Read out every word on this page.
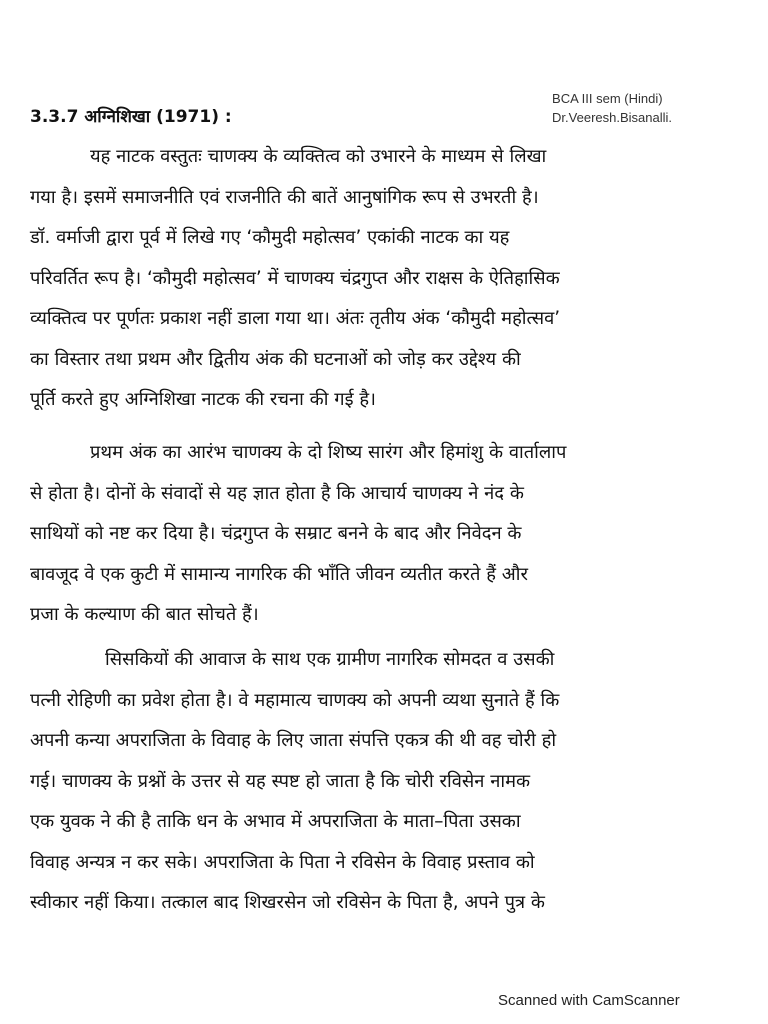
BCA III sem (Hindi)
Dr.Veeresh.Bisanalli.
3.3.7 अग्निशिखा (1971) :
यह नाटक वस्तुतः चाणक्य के व्यक्तित्व को उभारने के माध्यम से लिखा
गया है। इसमें समाजनीति एवं राजनीति की बातें आनुषांगिक रूप से उभरती है।
डॉ. वर्माजी द्वारा पूर्व में लिखे गए ‘कौमुदी महोत्सव’ एकांकी नाटक का यह
परिवर्तित रूप है। ‘कौमुदी महोत्सव’ में चाणक्य चंद्रगुप्त और राक्षस के ऐतिहासिक
व्यक्तित्व पर पूर्णतः प्रकाश नहीं डाला गया था। अंतः तृतीय अंक ‘कौमुदी महोत्सव’
का विस्तार तथा प्रथम और द्वितीय अंक की घटनाओं को जोड़ कर उद्देश्य की
पूर्ति करते हुए अग्निशिखा नाटक की रचना की गई है।
प्रथम अंक का आरंभ चाणक्य के दो शिष्य सारंग और हिमांशु के वार्तालाप
से होता है। दोनों के संवादों से यह ज्ञात होता है कि आचार्य चाणक्य ने नंद के
साथियों को नष्ट कर दिया है। चंद्रगुप्त के सम्राट बनने के बाद और निवेदन के
बावजूद वे एक कुटी में सामान्य नागरिक की भाँति जीवन व्यतीत करते हैं और
प्रजा के कल्याण की बात सोचते हैं।
सिसकियों की आवाज के साथ एक ग्रामीण नागरिक सोमदत व उसकी
पत्नी रोहिणी का प्रवेश होता है। वे महामात्य चाणक्य को अपनी व्यथा सुनाते हैं कि
अपनी कन्या अपराजिता के विवाह के लिए जाता संपत्ति एकत्र की थी वह चोरी हो
गई। चाणक्य के प्रश्नों के उत्तर से यह स्पष्ट हो जाता है कि चोरी रविसेन नामक
एक युवक ने की है ताकि धन के अभाव में अपराजिता के माता–पिता उसका
विवाह अन्यत्र न कर सके। अपराजिता के पिता ने रविसेन के विवाह प्रस्ताव को
स्वीकार नहीं किया। तत्काल बाद शिखरसेन जो रविसेन के पिता है, अपने पुत्र के
Scanned with CamScanner
